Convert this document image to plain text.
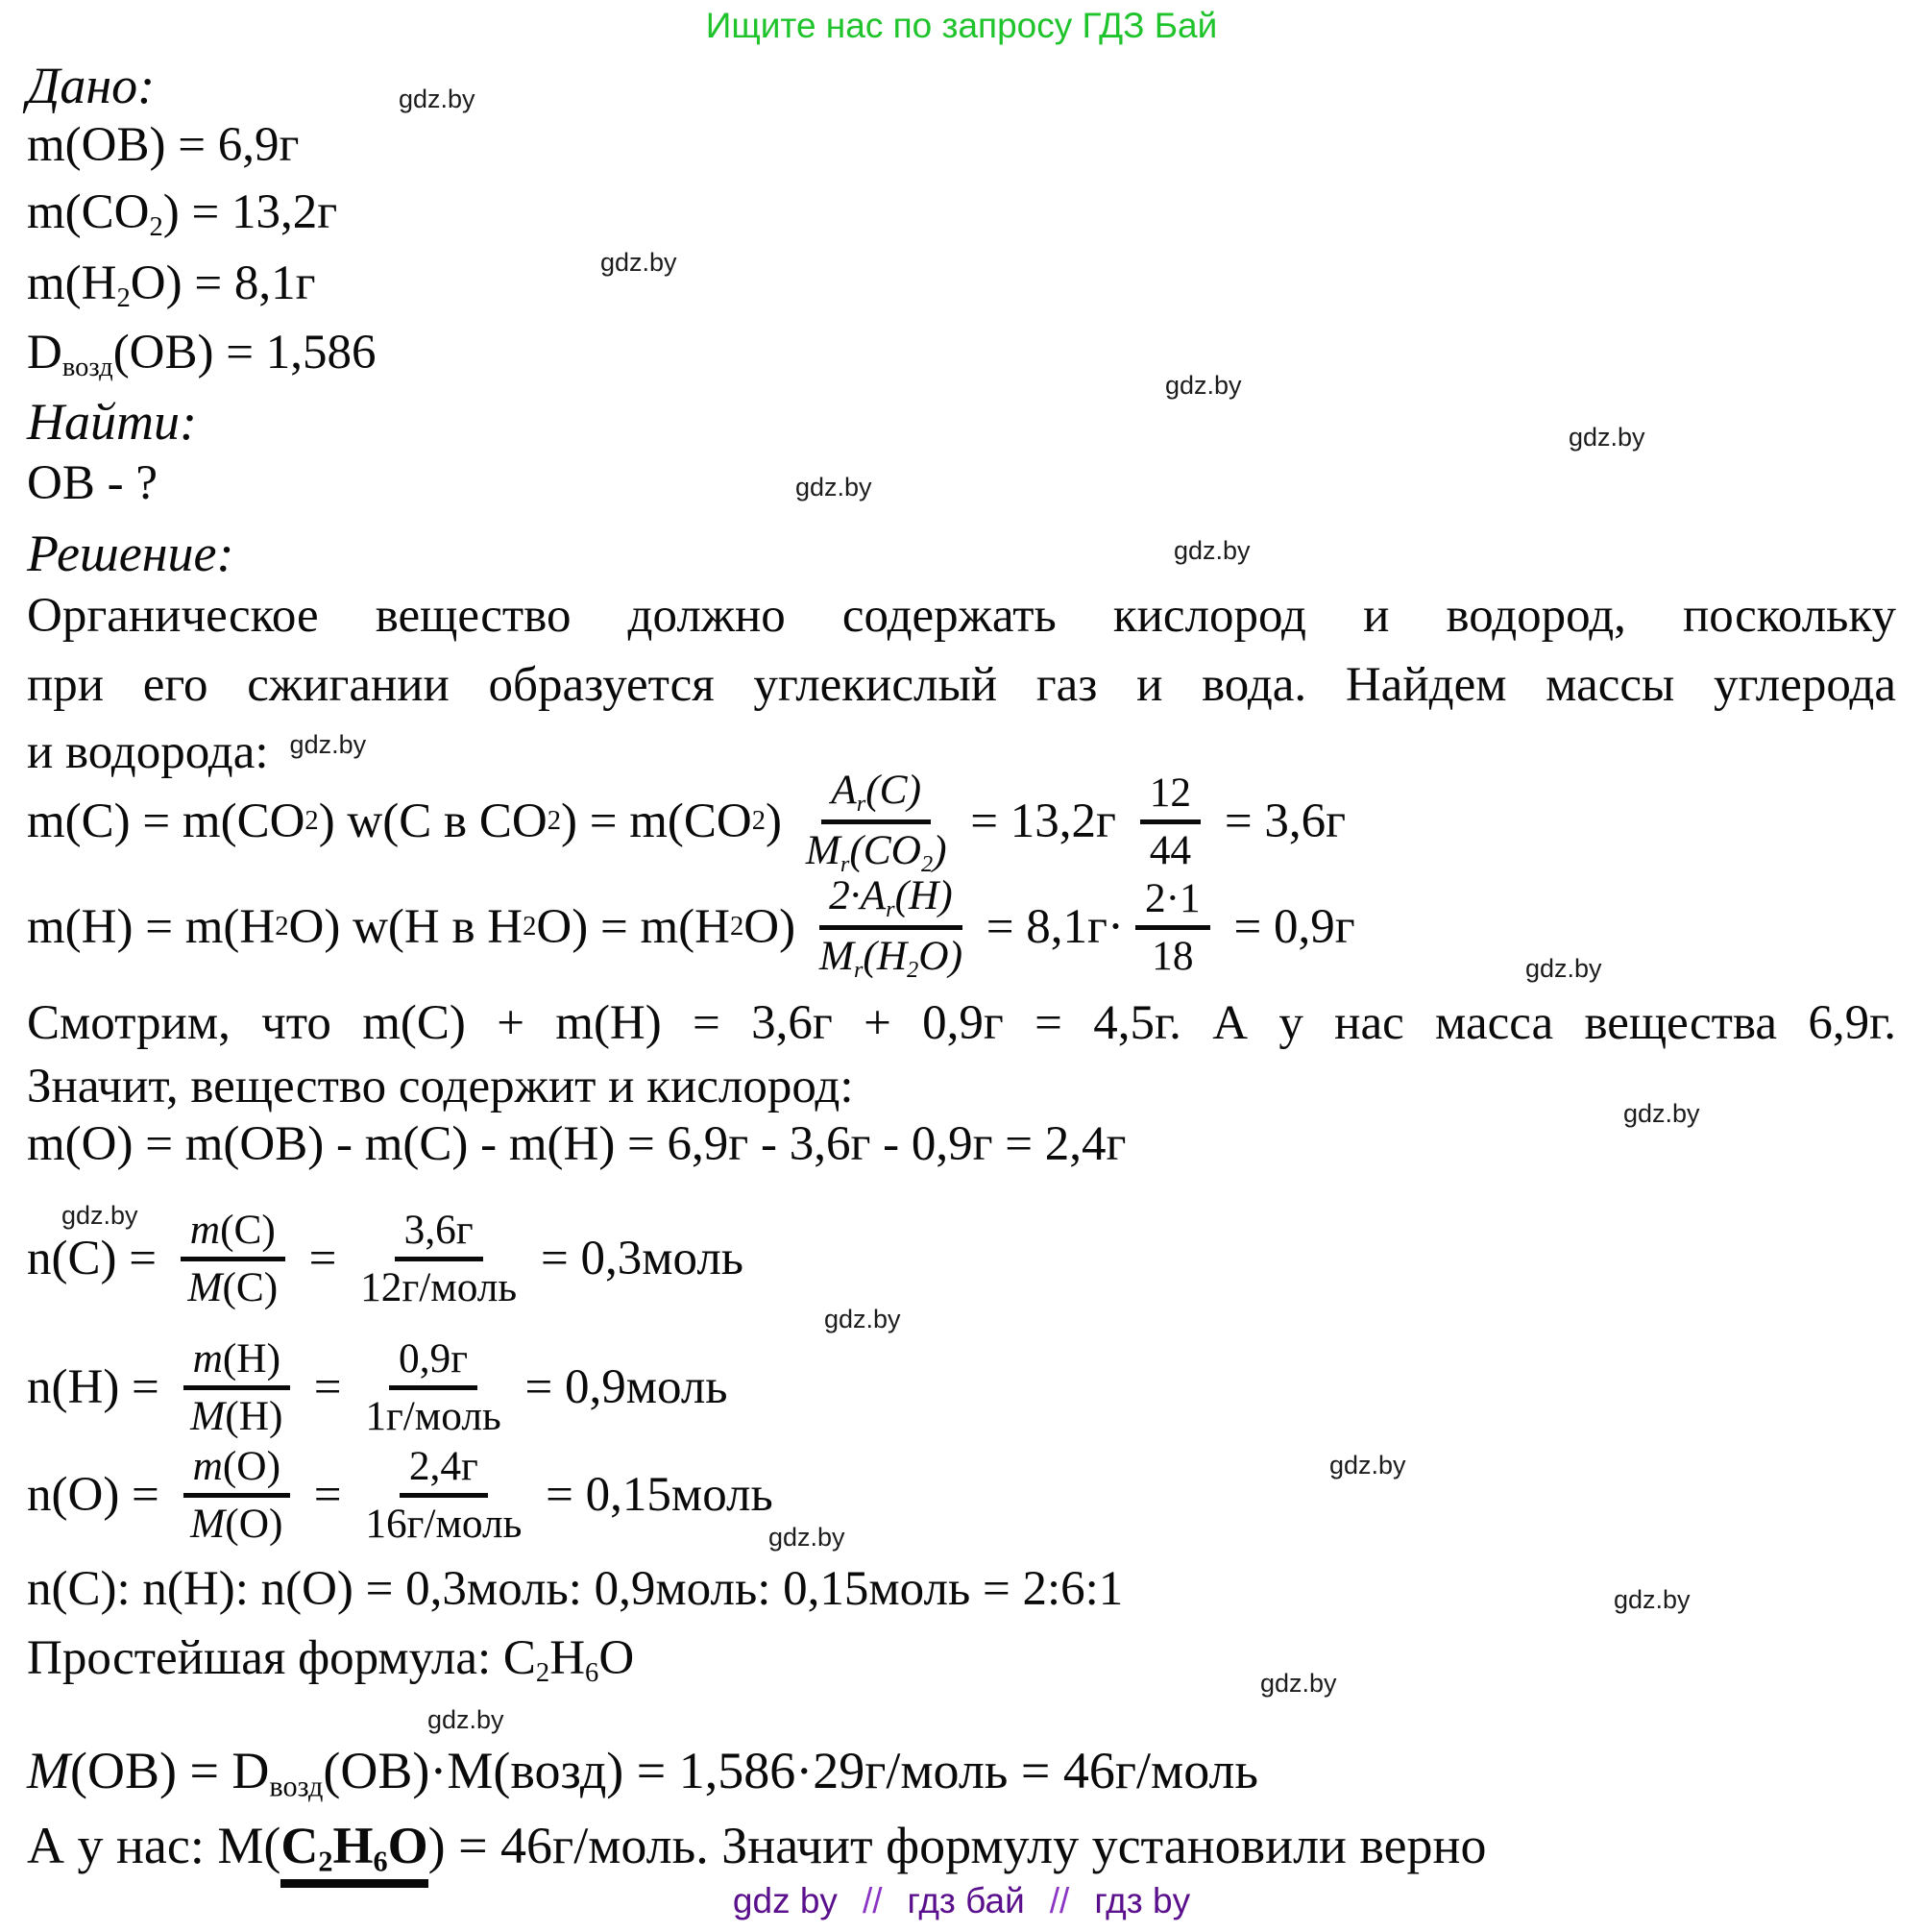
Ищите нас по запросу ГДЗ Бай
gdz.by
gdz.by
gdz.by
gdz.by
gdz.by
gdz.by
gdz.by
gdz.by
gdz.by
gdz.by
gdz.by
gdz.by
gdz.by
gdz.by
gdz.by
Дано:
m(ОВ) = 6,9г
$m(CO_2) = 13,2г$
$m(H_2O) = 8,1г$
$D_{возд}(ОВ) = 1,586$
Найти:
ОВ - ?
Решение:
Органическое вещество должно содержать кислород и водород, поскольку
при его сжигании образуется углекислый газ и вода. Найдем массы углерода
и водорода: $^{gdz.by}$
m(C) = m(CO 2 ) w(C в CO 2 ) = m(CO 2 ) $\frac{Ar(C)}{Mr(CO2)} = 13,2г \frac{12}{44} = 3,6г$
m(H) = m(H 2 O) w(H в H 2 O) = m(H 2 $O) \frac{2\cdot Ar(H)}{Mr(H2O)} = 8,1г\cdot \frac{2\cdot 1}{18} = 0,9г$
Смотрим, что m(C) + m(H) = 3,6г + 0,9г = 4,5г. А у нас масса вещества 6,9г.
Значит, вещество содержит и кислород:
m(О) = m(ОВ) - m(C) - m(H) = 6,9г - 3,6г - 0,9г = 2,4г
$n(C) = \frac{m(C)}{M(C)} = \frac{3,6г}{\text{12г/моль}}$ = 0,3моль
$n(H) = \frac{m(H)}{M(H)} = \frac{0,9г}{\text{1г/моль}}$ = 0,9моль
$n(О) = \frac{m(О)}{M(О)} = \frac{2,4г}{\text{16г/моль}}$ = 0,15моль
n(C): n(H): n(О) = 0,3моль: 0,9моль: 0,15моль = 2:6:1
Простейшая формула: $C_2H_6O$
$М(ОВ) = D_{возд}(ОВ)\cdot М(возд)$ = 1,586·29г/моль = 46г/моль
А у нас: М(C2H6O) = 46г/моль. Значит формулу установили верно
gdz by // гдз бай // гдз by
